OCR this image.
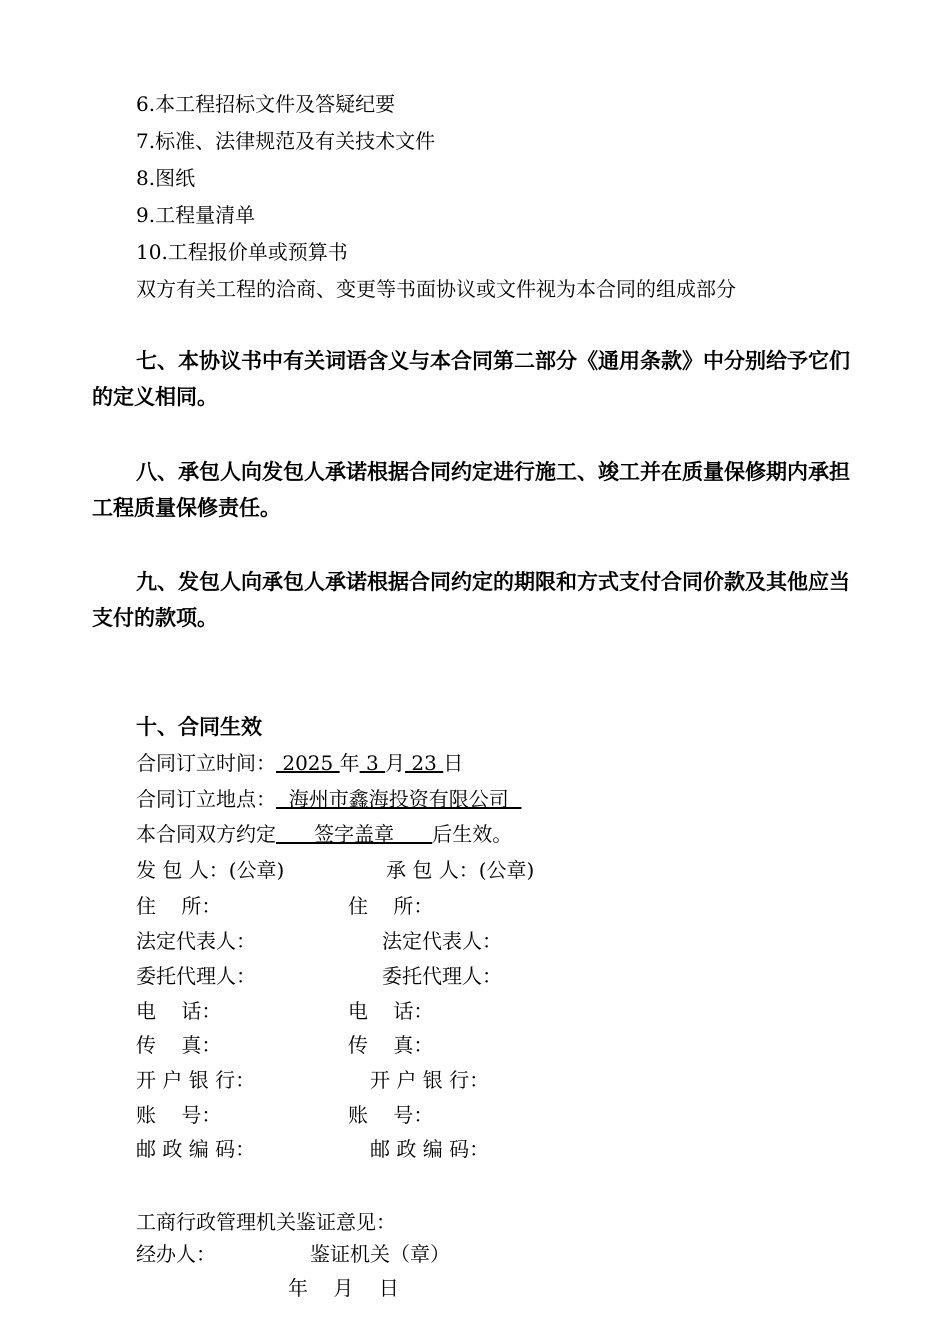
6.本工程招标文件及答疑纪要
7.标准、法律规范及有关技术文件
8.图纸
9.工程量清单
10.工程报价单或预算书
双方有关工程的洽商、变更等书面协议或文件视为本合同的组成部分
七、本协议书中有关词语含义与本合同第二部分《通用条款》中分别给予它们的定义相同。
八、承包人向发包人承诺根据合同约定进行施工、竣工并在质量保修期内承担工程质量保修责任。
九、发包人向承包人承诺根据合同约定的期限和方式支付合同价款及其他应当支付的款项。
十、合同生效
合同订立时间： 2025 年 3 月 23 日
合同订立地点：  海州市鑫海投资有限公司
本合同双方约定      签字盖章      后生效。
发 包 人：(公章)	承 包 人：(公章)
住    所：	住    所：
法定代表人：	法定代表人：
委托代理人：	委托代理人：
电    话：	电    话：
传    真：	传    真：
开 户 银 行：	开 户 银 行：
账    号：	账    号：
邮 政 编 码：	邮 政 编 码：
工商行政管理机关鉴证意见：
经办人：	鉴证机关（章）
年    月    日
